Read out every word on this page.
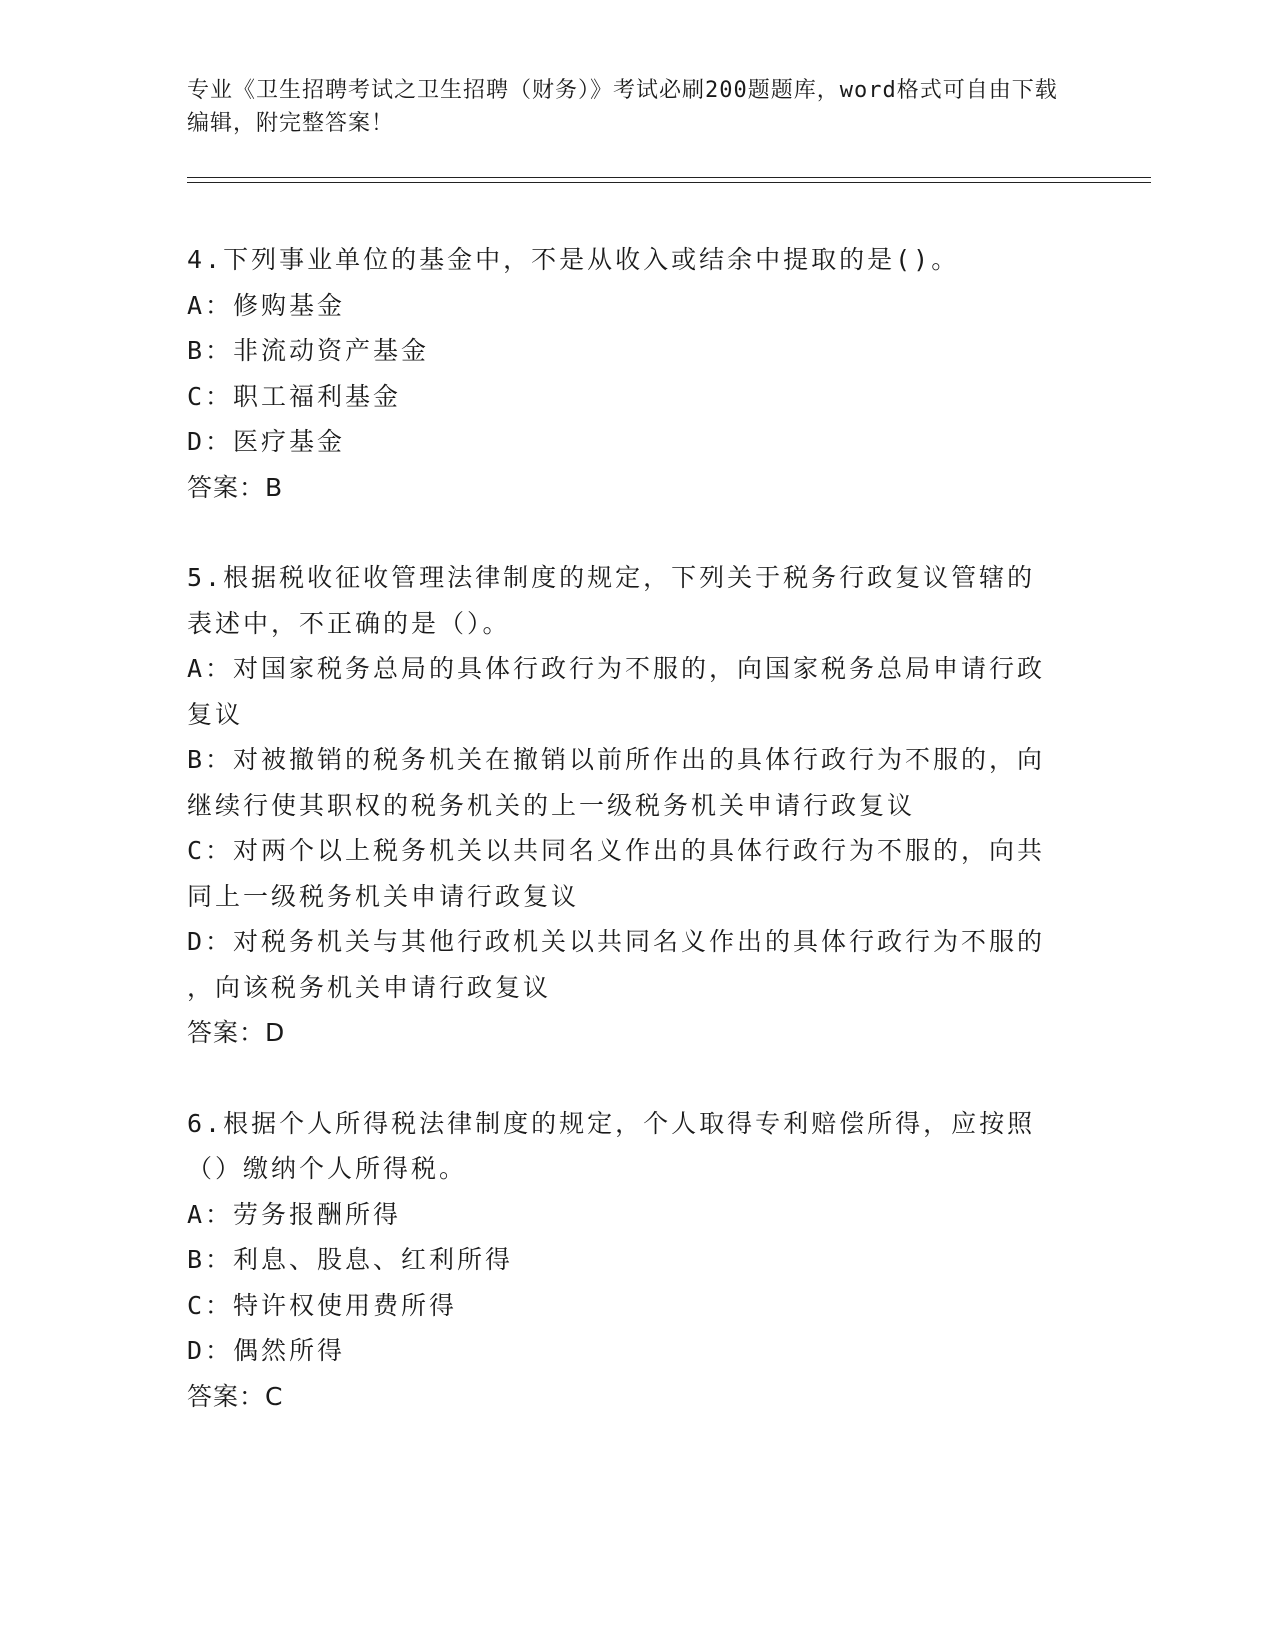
专业《卫生招聘考试之卫生招聘（财务）》考试必刷200题题库，word格式可自由下载编辑，附完整答案！
4.下列事业单位的基金中，不是从收入或结余中提取的是()。
A：修购基金
B：非流动资产基金
C：职工福利基金
D：医疗基金
答案：B
5.根据税收征收管理法律制度的规定，下列关于税务行政复议管辖的
表述中，不正确的是（）。
A：对国家税务总局的具体行政行为不服的，向国家税务总局申请行政
复议
B：对被撤销的税务机关在撤销以前所作出的具体行政行为不服的，向
继续行使其职权的税务机关的上一级税务机关申请行政复议
C：对两个以上税务机关以共同名义作出的具体行政行为不服的，向共
同上一级税务机关申请行政复议
D：对税务机关与其他行政机关以共同名义作出的具体行政行为不服的
，向该税务机关申请行政复议
答案：D
6.根据个人所得税法律制度的规定，个人取得专利赔偿所得，应按照
（）缴纳个人所得税。
A：劳务报酬所得
B：利息、股息、红利所得
C：特许权使用费所得
D：偶然所得
答案：C
